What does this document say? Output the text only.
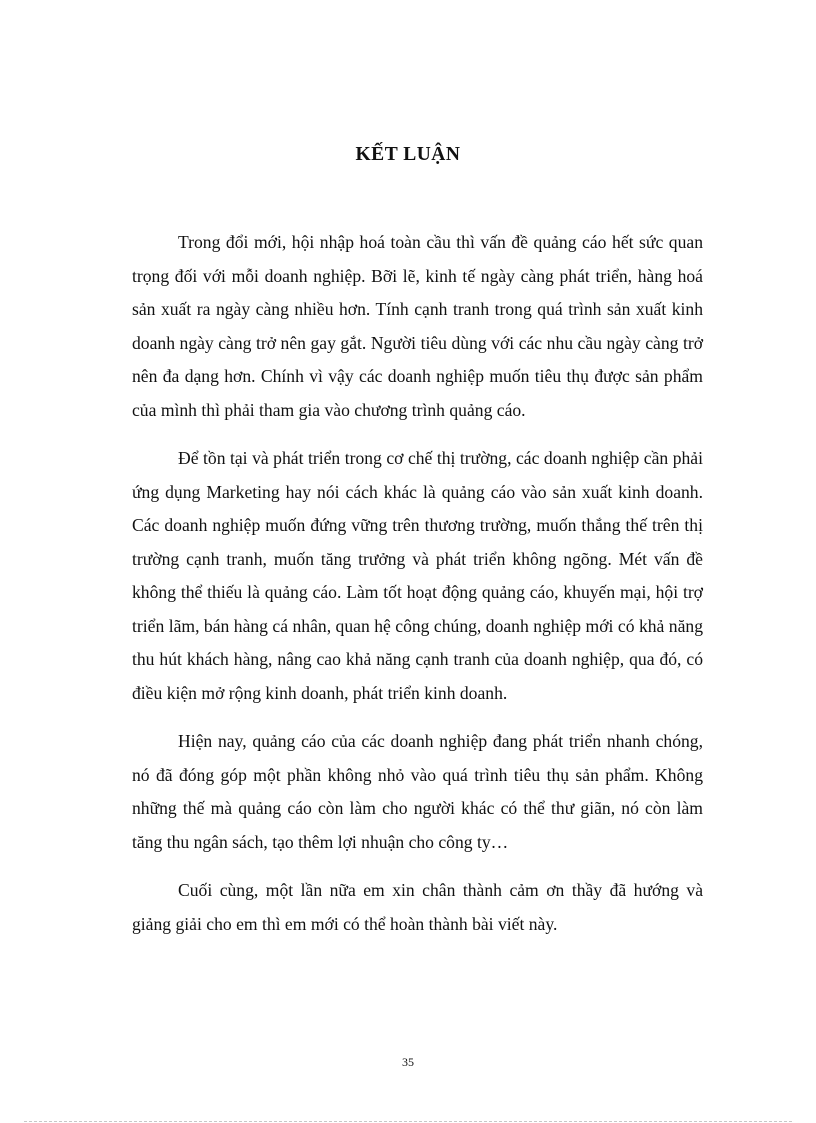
KẾT LUẬN

Trong đổi mới, hội nhập hoá toàn cầu thì vấn đề quảng cáo hết sức quan trọng đối với mỗi doanh nghiệp. Bỡi lẽ, kinh tế ngày càng phát triển, hàng hoá sản xuất ra ngày càng nhiều hơn. Tính cạnh tranh trong quá trình sản xuất kinh doanh ngày càng trở nên gay gắt. Người tiêu dùng với các nhu cầu ngày càng trở nên đa dạng hơn. Chính vì vậy các doanh nghiệp muốn tiêu thụ được sản phẩm của mình thì phải tham gia vào chương trình quảng cáo.

Để tồn tại và phát triển trong cơ chế thị trường, các doanh nghiệp cần phải ứng dụng Marketing hay nói cách khác là quảng cáo vào sản xuất kinh doanh. Các doanh nghiệp muốn đứng vững trên thương trường, muốn thắng thế trên thị trường cạnh tranh, muốn tăng trưởng và phát triển không ngõng. Mét vấn đề không thể thiếu là quảng cáo. Làm tốt hoạt động quảng cáo, khuyến mại, hội trợ triển lãm, bán hàng cá nhân, quan hệ công chúng, doanh nghiệp mới có khả năng thu hút khách hàng, nâng cao khả năng cạnh tranh của doanh nghiệp, qua đó, có điều kiện mở rộng kinh doanh, phát triển kinh doanh.

Hiện nay, quảng cáo của các doanh nghiệp đang phát triển nhanh chóng, nó đã đóng góp một phần không nhỏ vào quá trình tiêu thụ sản phẩm. Không những thế mà quảng cáo còn làm cho người khác có thể thư giãn, nó còn làm tăng thu ngân sách, tạo thêm lợi nhuận cho công ty…

Cuối cùng, một lần nữa em xin chân thành cảm ơn thầy đã hướng và giảng giải cho em thì em mới có thể hoàn thành bài viết này.

35
